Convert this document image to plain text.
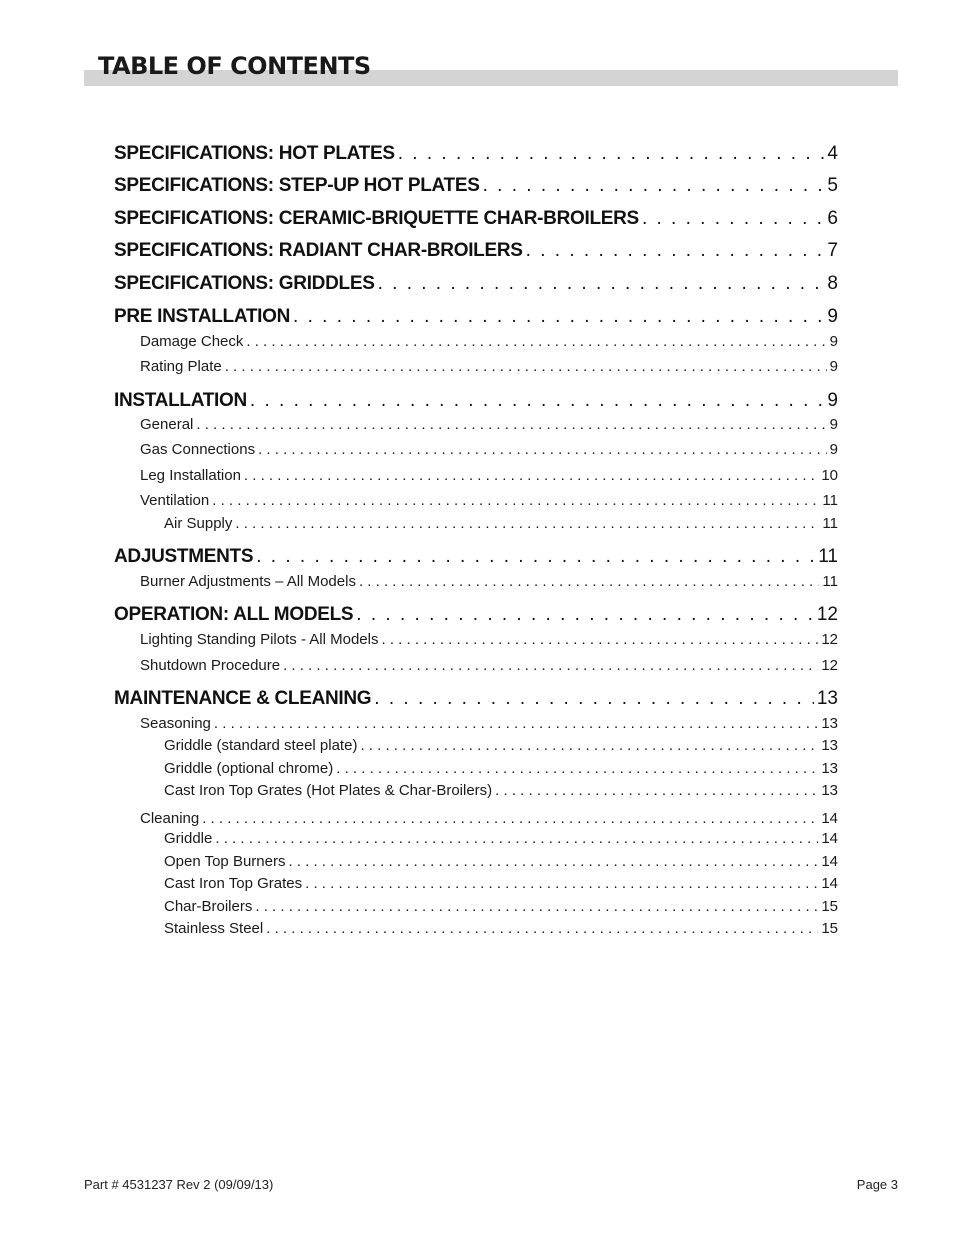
TABLE OF CONTENTS
SPECIFICATIONS: HOT PLATES . . .	4
SPECIFICATIONS: STEP-UP HOT PLATES . . .	5
SPECIFICATIONS: CERAMIC-BRIQUETTE CHAR-BROILERS . . .	6
SPECIFICATIONS: RADIANT CHAR-BROILERS . . .	7
SPECIFICATIONS: GRIDDLES . . .	8
PRE INSTALLATION . . .	9
Damage Check . . .	9
Rating Plate . . .	9
INSTALLATION . . .	9
General . . .	9
Gas Connections . . .	9
Leg Installation . . .	10
Ventilation . . .	11
Air Supply . . .	11
ADJUSTMENTS . . .	11
Burner Adjustments – All Models . . .	11
OPERATION: ALL MODELS . . .	12
Lighting Standing Pilots - All Models . . .	12
Shutdown Procedure . . .	12
MAINTENANCE & CLEANING . . .	13
Seasoning . . .	13
Griddle (standard steel plate) . . .	13
Griddle (optional chrome) . . .	13
Cast Iron Top Grates (Hot Plates & Char-Broilers) . . .	13
Cleaning . . .	14
Griddle . . .	14
Open Top Burners . . .	14
Cast Iron Top Grates . . .	14
Char-Broilers . . .	15
Stainless Steel . . .	15
Part # 4531237 Rev 2 (09/09/13)	Page 3
